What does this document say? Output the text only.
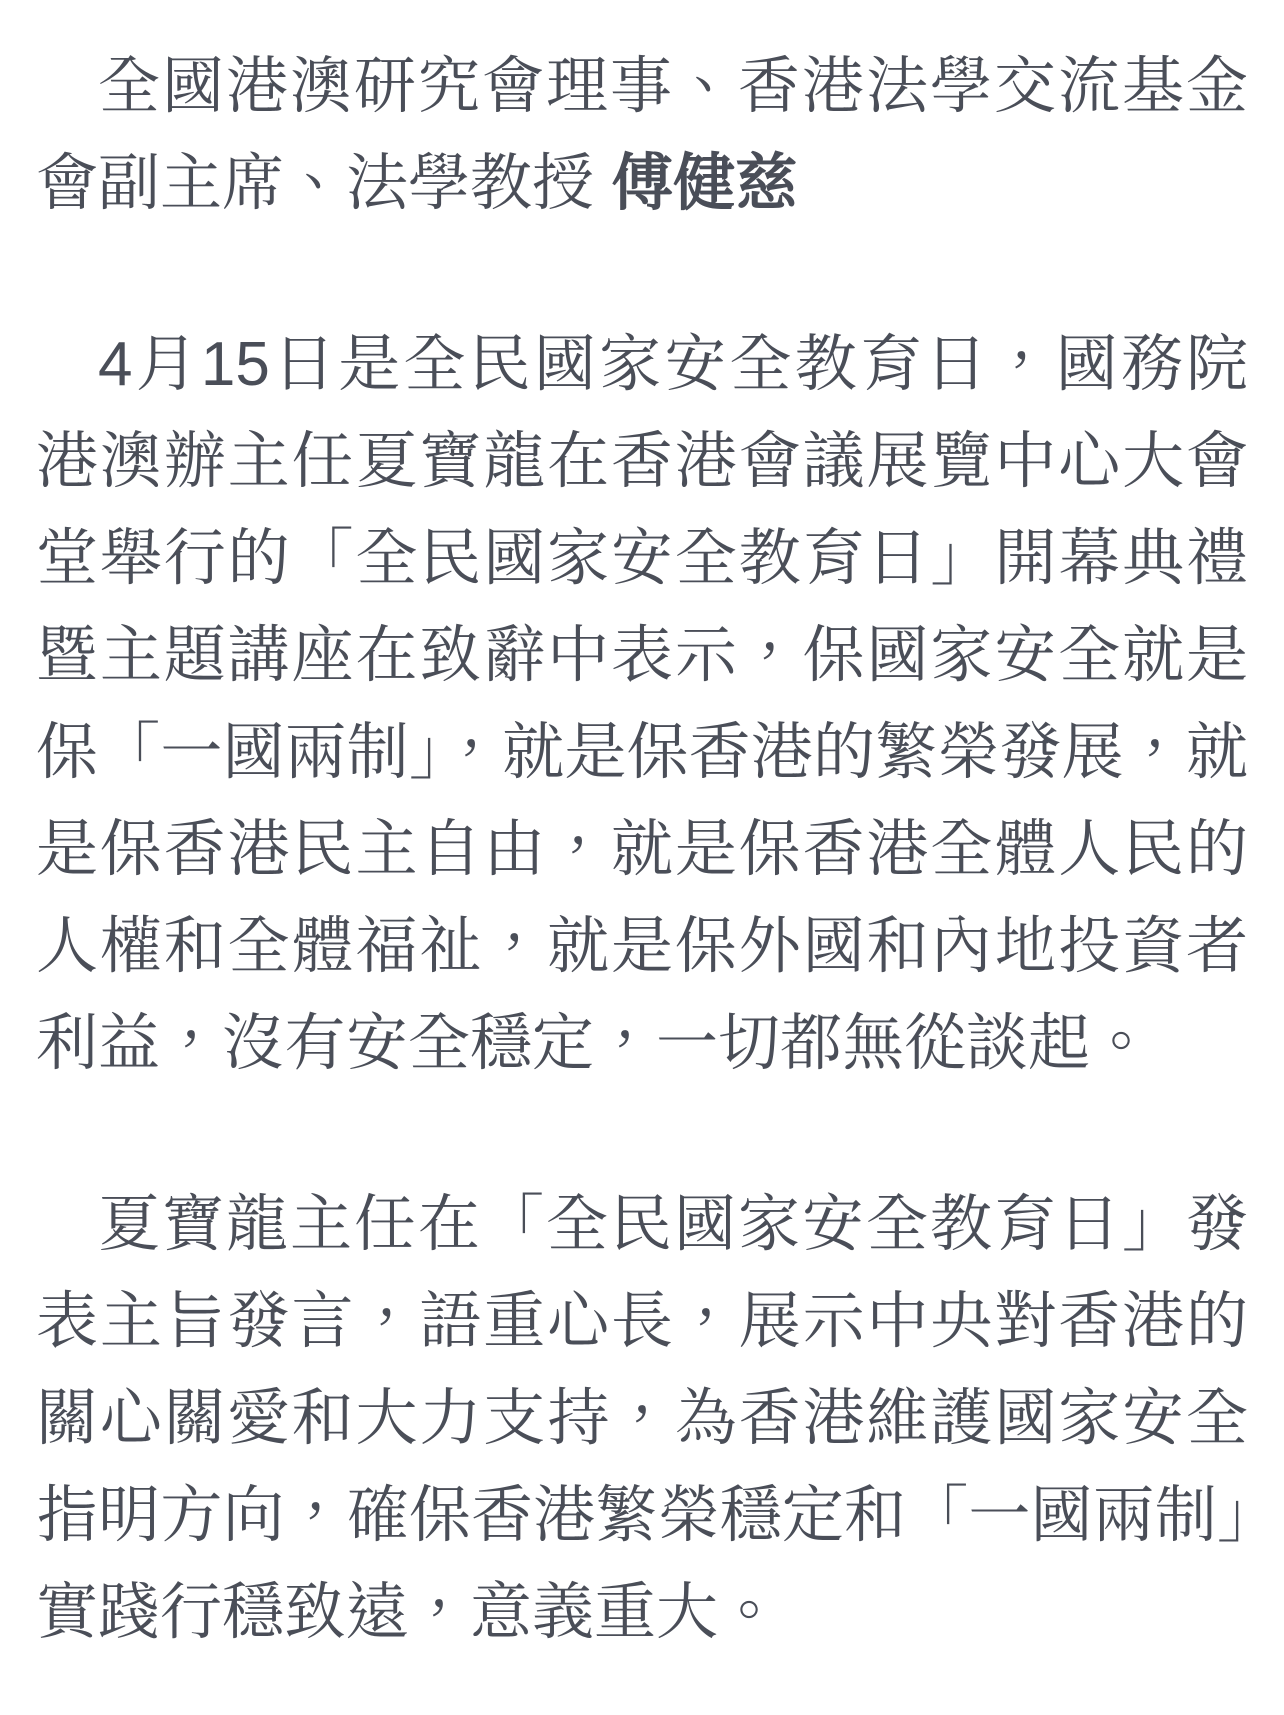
全國港澳研究會理事、香港法學交流基金會副主席、法學教授 傅健慈

4月15日是全民國家安全教育日，國務院港澳辦主任夏寶龍在香港會議展覽中心大會堂舉行的「全民國家安全教育日」開幕典禮暨主題講座在致辭中表示，保國家安全就是保「一國兩制」，就是保香港的繁榮發展，就是保香港民主自由，就是保香港全體人民的人權和全體福祉，就是保外國和內地投資者利益，沒有安全穩定，一切都無從談起。

夏寶龍主任在「全民國家安全教育日」發表主旨發言，語重心長，展示中央對香港的關心關愛和大力支持，為香港維護國家安全指明方向，確保香港繁榮穩定和「一國兩制」實踐行穩致遠，意義重大。
